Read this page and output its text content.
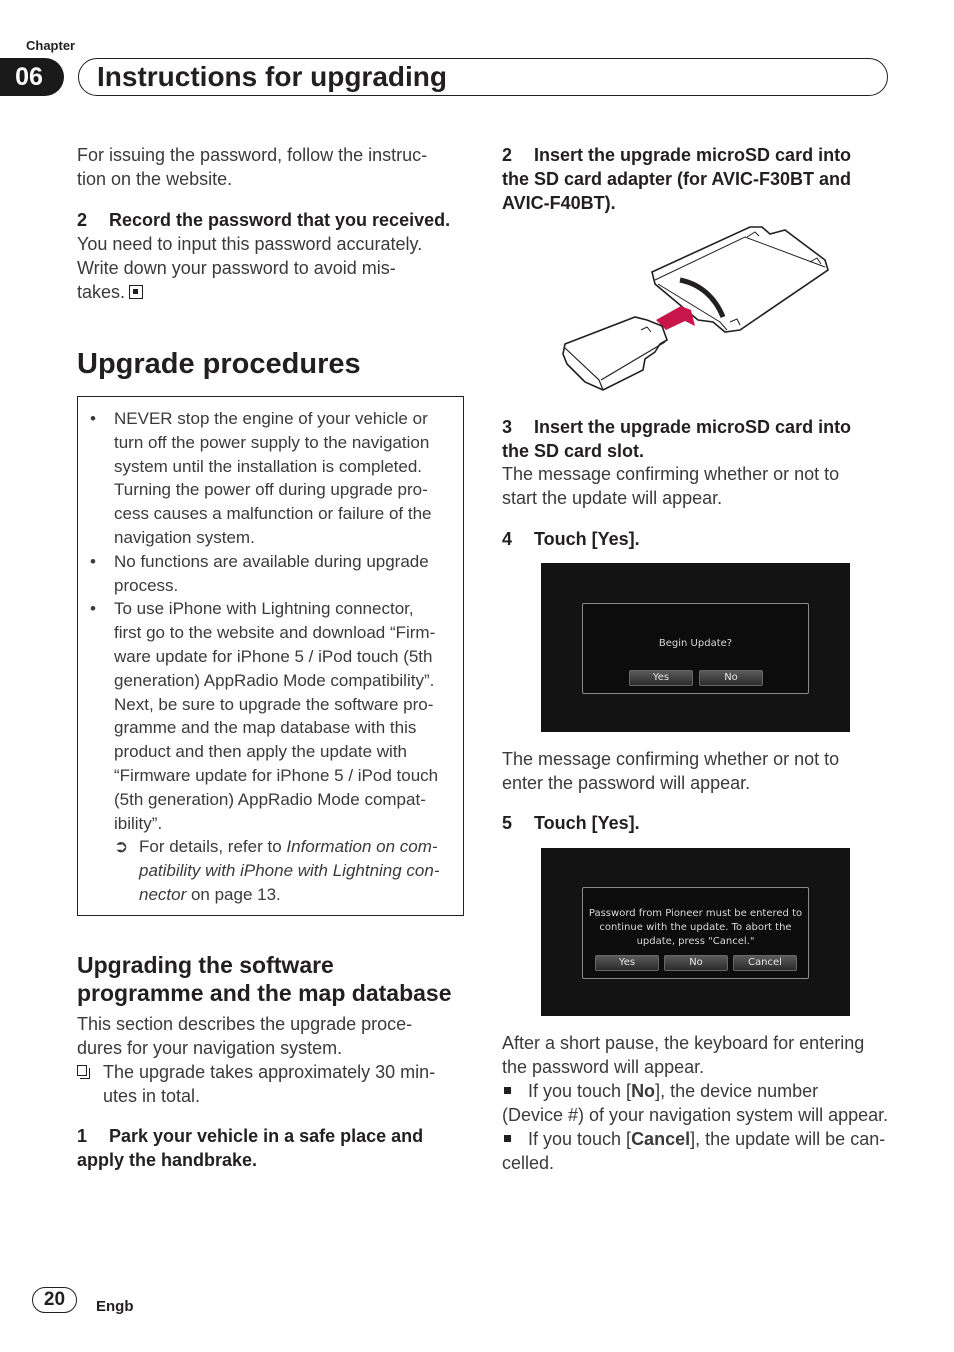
Chapter
06	Instructions for upgrading
For issuing the password, follow the instruc-
tion on the website.
2 Record the password that you received.
You need to input this password accurately.
Write down your password to avoid mis-
takes.
Upgrade procedures
• NEVER stop the engine of your vehicle or
turn off the power supply to the navigation
system until the installation is completed.
Turning the power off during upgrade pro-
cess causes a malfunction or failure of the
navigation system.
• No functions are available during upgrade
process.
• To use iPhone with Lightning connector,
first go to the website and download “Firm-
ware update for iPhone 5 / iPod touch (5th
generation) AppRadio Mode compatibility”.
Next, be sure to upgrade the software pro-
gramme and the map database with this
product and then apply the update with
“Firmware update for iPhone 5 / iPod touch
(5th generation) AppRadio Mode compat-
ibility”.
➲ For details, refer to Information on com-
patibility with iPhone with Lightning con-
nector on page 13.
Upgrading the software
programme and the map database
This section describes the upgrade proce-
dures for your navigation system.
The upgrade takes approximately 30 min-
utes in total.
1 Park your vehicle in a safe place and
apply the handbrake.
2 Insert the upgrade microSD card into
the SD card adapter (for AVIC-F30BT and
AVIC-F40BT).
3 Insert the upgrade microSD card into
the SD card slot.
The message confirming whether or not to
start the update will appear.
4 Touch [Yes].
Begin Update?
Yes	No
The message confirming whether or not to
enter the password will appear.
5 Touch [Yes].
Password from Pioneer must be entered to
continue with the update. To abort the
update, press "Cancel."
Yes	No	Cancel
After a short pause, the keyboard for entering
the password will appear.
If you touch [No], the device number
(Device #) of your navigation system will appear.
If you touch [Cancel], the update will be can-
celled.
20	Engb
